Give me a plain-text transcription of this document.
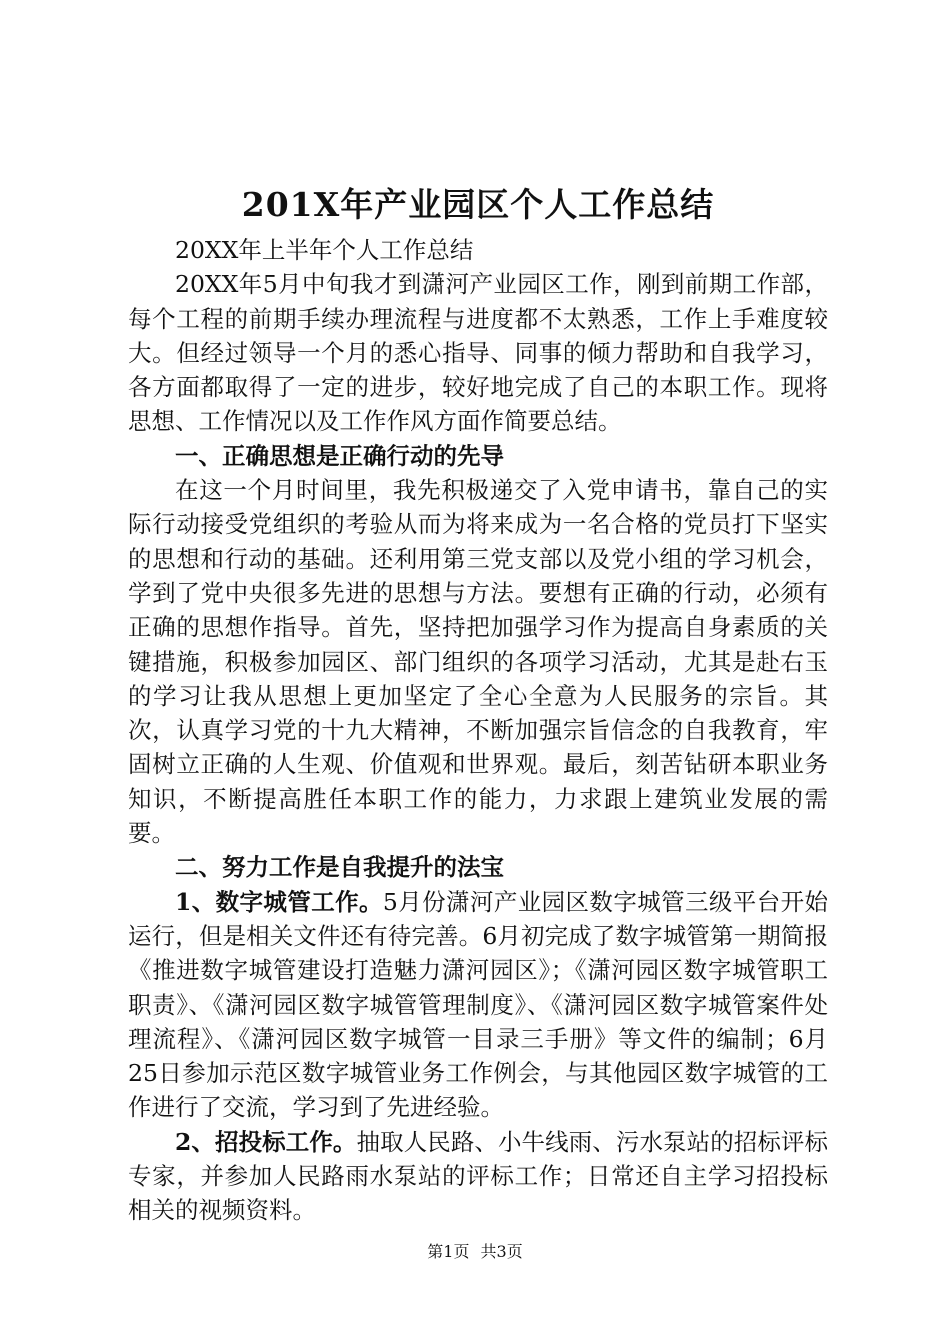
201X年产业园区个人工作总结

20XX年上半年个人工作总结

20XX年5月中旬我才到潇河产业园区工作，刚到前期工作部，每个工程的前期手续办理流程与进度都不太熟悉，工作上手难度较大。但经过领导一个月的悉心指导、同事的倾力帮助和自我学习，各方面都取得了一定的进步，较好地完成了自己的本职工作。现将思想、工作情况以及工作作风方面作简要总结。

一、正确思想是正确行动的先导

在这一个月时间里，我先积极递交了入党申请书，靠自己的实际行动接受党组织的考验从而为将来成为一名合格的党员打下坚实的思想和行动的基础。还利用第三党支部以及党小组的学习机会，学到了党中央很多先进的思想与方法。要想有正确的行动，必须有正确的思想作指导。首先，坚持把加强学习作为提高自身素质的关键措施，积极参加园区、部门组织的各项学习活动，尤其是赴右玉的学习让我从思想上更加坚定了全心全意为人民服务的宗旨。其次，认真学习党的十九大精神，不断加强宗旨信念的自我教育，牢固树立正确的人生观、价值观和世界观。最后，刻苦钻研本职业务知识，不断提高胜任本职工作的能力，力求跟上建筑业发展的需要。

二、努力工作是自我提升的法宝

1、数字城管工作。5月份潇河产业园区数字城管三级平台开始运行，但是相关文件还有待完善。6月初完成了数字城管第一期简报《推进数字城管建设打造魅力潇河园区》；《潇河园区数字城管职工职责》、《潇河园区数字城管管理制度》、《潇河园区数字城管案件处理流程》、《潇河园区数字城管一目录三手册》等文件的编制；6月25日参加示范区数字城管业务工作例会，与其他园区数字城管的工作进行了交流，学习到了先进经验。

2、招投标工作。抽取人民路、小牛线雨、污水泵站的招标评标专家，并参加人民路雨水泵站的评标工作；日常还自主学习招投标相关的视频资料。

第1页 共3页
